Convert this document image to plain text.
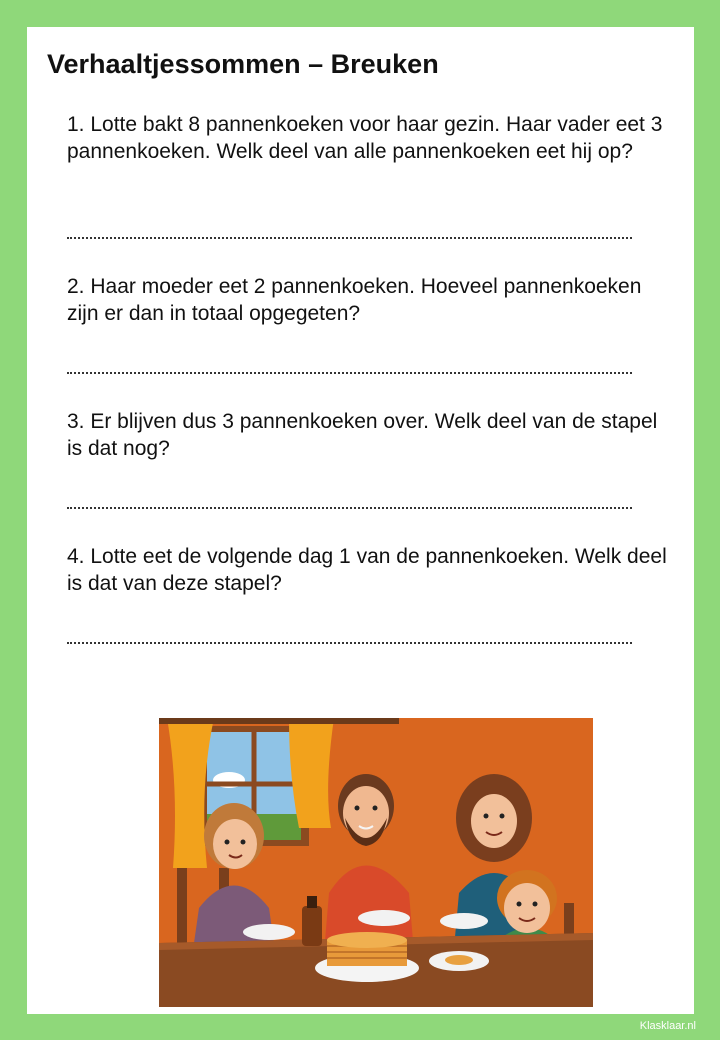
Verhaaltjessommen – Breuken

1. Lotte bakt 8 pannenkoeken voor haar gezin. Haar vader eet 3 pannenkoeken. Welk deel van alle pannenkoeken eet hij op?

2. Haar moeder eet 2 pannenkoeken. Hoeveel pannenkoeken zijn er dan in totaal opgegeten?

3. Er blijven dus 3 pannenkoeken over. Welk deel van de stapel is dat nog?

4. Lotte eet de volgende dag 1 van de pannenkoeken. Welk deel is dat van deze stapel?

Klasklaar.nl
